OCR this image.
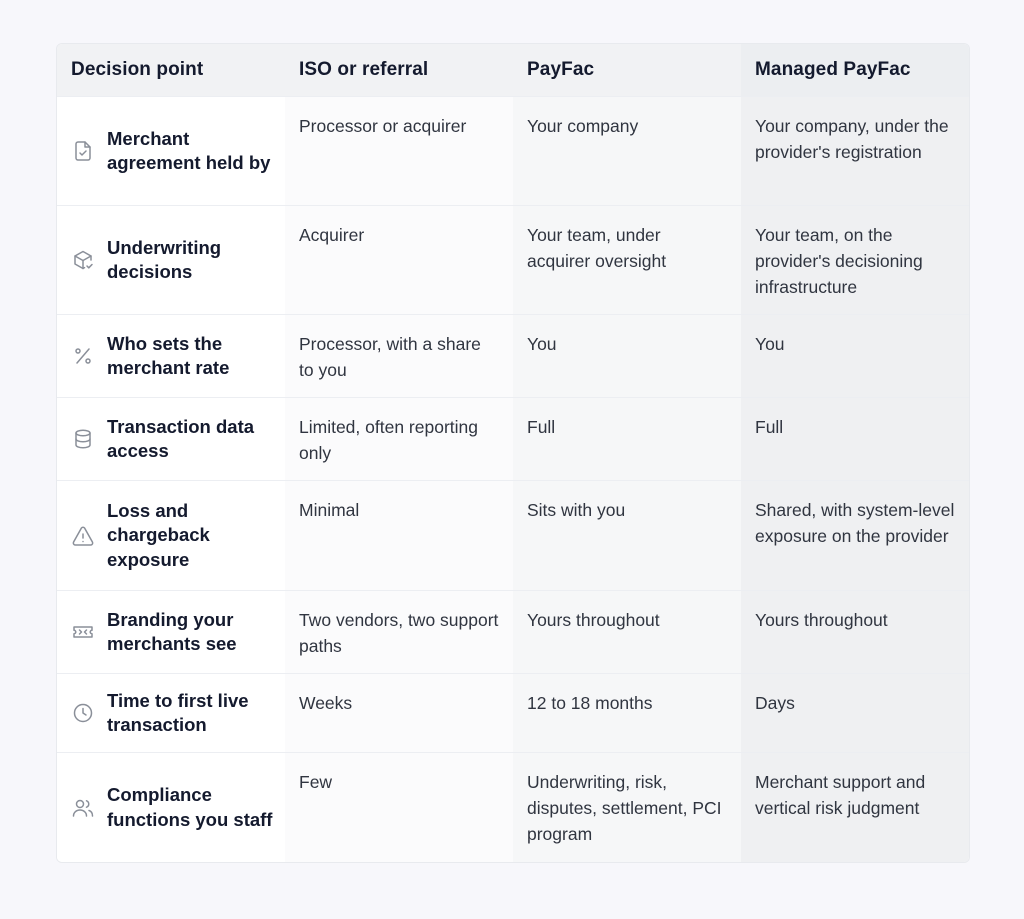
Decision point	ISO or referral	PayFac	Managed PayFac

Merchant agreement held by	Processor or acquirer	Your company	Your company, under the provider's registration

Underwriting decisions	Acquirer	Your team, under acquirer oversight	Your team, on the provider's decisioning infrastructure

Who sets the merchant rate	Processor, with a share to you	You	You

Transaction data access	Limited, often reporting only	Full	Full

Loss and chargeback exposure	Minimal	Sits with you	Shared, with system-level exposure on the provider

Branding your merchants see	Two vendors, two support paths	Yours throughout	Yours throughout

Time to first live transaction	Weeks	12 to 18 months	Days

Compliance functions you staff	Few	Underwriting, risk, disputes, settlement, PCI program	Merchant support and vertical risk judgment
